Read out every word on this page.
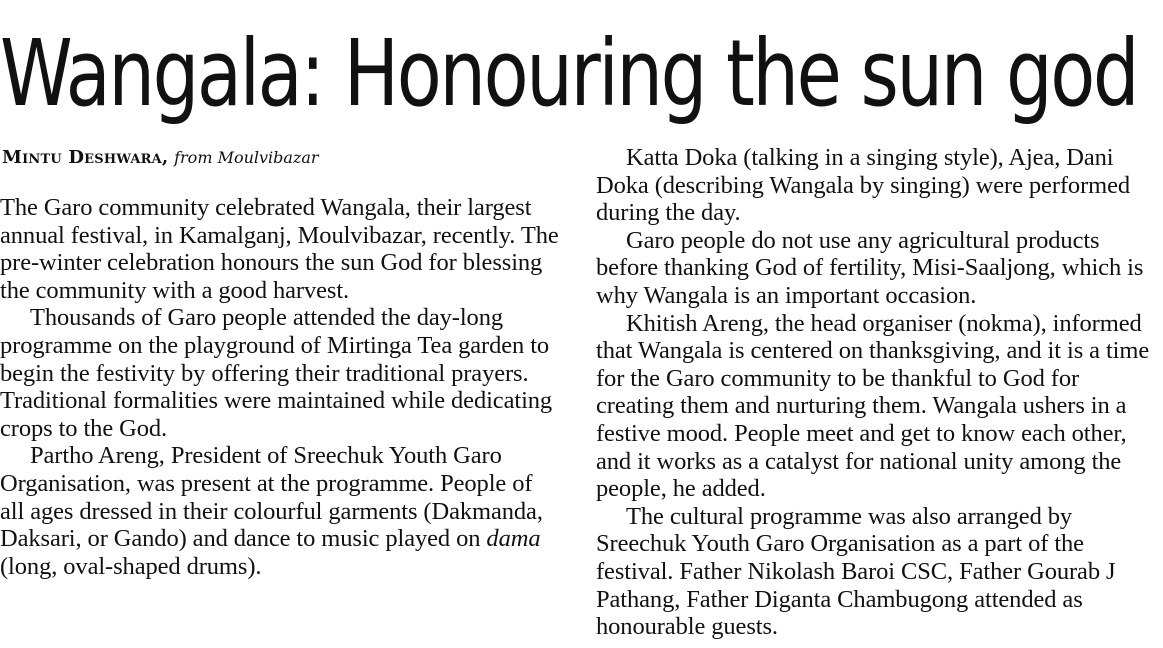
Wangala: Honouring the sun god
Mintu Deshwara, from Moulvibazar

The Garo community celebrated Wangala, their largest annual festival, in Kamalganj, Moulvibazar, recently. The pre-winter celebration honours the sun God for blessing the community with a good harvest.

Thousands of Garo people attended the day-long programme on the playground of Mirtinga Tea garden to begin the festivity by offering their traditional prayers. Traditional formalities were maintained while dedicating crops to the God.

Partho Areng, President of Sreechuk Youth Garo Organisation, was present at the programme. People of all ages dressed in their colourful garments (Dakmanda, Daksari, or Gando) and dance to music played on dama (long, oval-shaped drums).

Katta Doka (talking in a singing style), Ajea, Dani Doka (describing Wangala by singing) were performed during the day.

Garo people do not use any agricultural products before thanking God of fertility, Misi-Saaljong, which is why Wangala is an important occasion.

Khitish Areng, the head organiser (nokma), informed that Wangala is centered on thanksgiving, and it is a time for the Garo community to be thankful to God for creating them and nurturing them. Wangala ushers in a festive mood. People meet and get to know each other, and it works as a catalyst for national unity among the people, he added.

The cultural programme was also arranged by Sreechuk Youth Garo Organisation as a part of the festival. Father Nikolash Baroi CSC, Father Gourab J Pathang, Father Diganta Chambugong attended as honourable guests.
